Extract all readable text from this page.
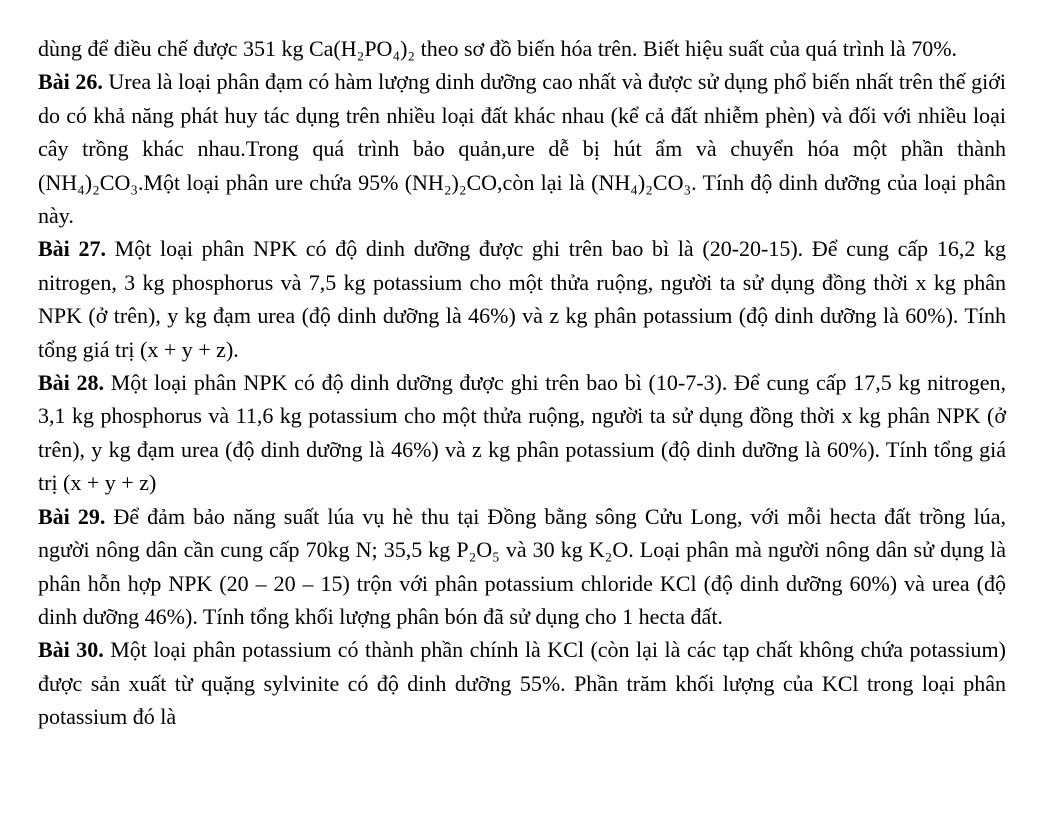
dùng để điều chế được 351 kg Ca(H₂PO₄)₂ theo sơ đồ biến hóa trên. Biết hiệu suất của quá trình là 70%.

Bài 26. Urea là loại phân đạm có hàm lượng dinh dưỡng cao nhất và được sử dụng phổ biến nhất trên thế giới do có khả năng phát huy tác dụng trên nhiều loại đất khác nhau (kể cả đất nhiễm phèn) và đối với nhiều loại cây trồng khác nhau.Trong quá trình bảo quản,ure dễ bị hút ẩm và chuyển hóa một phần thành (NH₄)₂CO₃.Một loại phân ure chứa 95% (NH₂)₂CO,còn lại là (NH₄)₂CO₃. Tính độ dinh dưỡng của loại phân này.

Bài 27. Một loại phân NPK có độ dinh dưỡng được ghi trên bao bì là (20-20-15). Để cung cấp 16,2 kg nitrogen, 3 kg phosphorus và 7,5 kg potassium cho một thửa ruộng, người ta sử dụng đồng thời x kg phân NPK (ở trên), y kg đạm urea (độ dinh dưỡng là 46%) và z kg phân potassium (độ dinh dưỡng là 60%). Tính tổng giá trị (x + y + z).

Bài 28. Một loại phân NPK có độ dinh dưỡng được ghi trên bao bì (10-7-3). Để cung cấp 17,5 kg nitrogen, 3,1 kg phosphorus và 11,6 kg potassium cho một thửa ruộng, người ta sử dụng đồng thời x kg phân NPK (ở trên), y kg đạm urea (độ dinh dưỡng là 46%) và z kg phân potassium (độ dinh dưỡng là 60%). Tính tổng giá trị (x + y + z)

Bài 29. Để đảm bảo năng suất lúa vụ hè thu tại Đồng bằng sông Cửu Long, với mỗi hecta đất trồng lúa, người nông dân cần cung cấp 70kg N; 35,5 kg P₂O₅ và 30 kg K₂O. Loại phân mà người nông dân sử dụng là phân hỗn hợp NPK (20 – 20 – 15) trộn với phân potassium chloride KCl (độ dinh dưỡng 60%) và urea (độ dinh dưỡng 46%). Tính tổng khối lượng phân bón đã sử dụng cho 1 hecta đất.

Bài 30. Một loại phân potassium có thành phần chính là KCl (còn lại là các tạp chất không chứa potassium) được sản xuất từ quặng sylvinite có độ dinh dưỡng 55%. Phần trăm khối lượng của KCl trong loại phân potassium đó là
